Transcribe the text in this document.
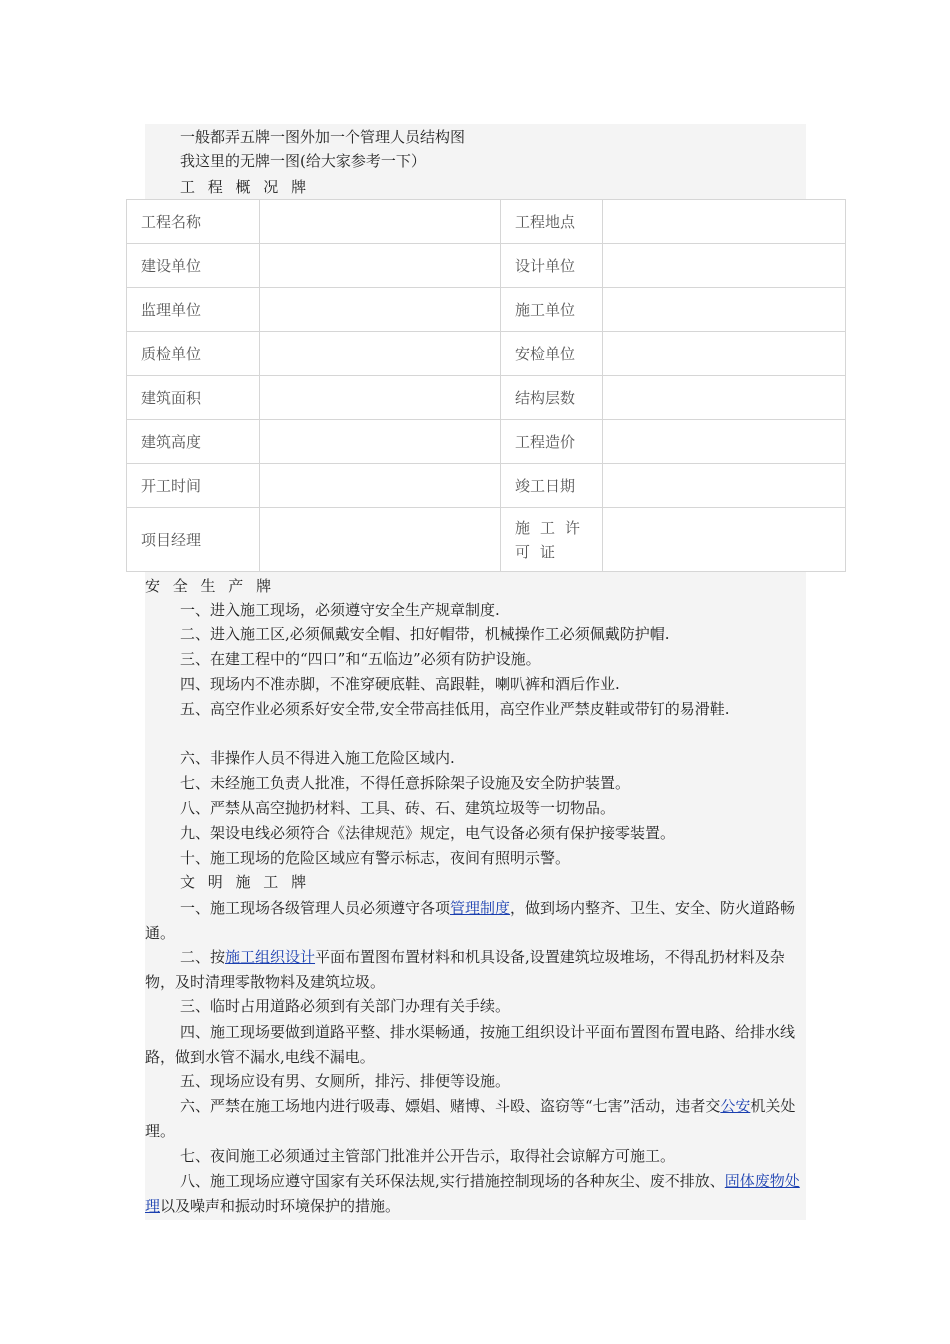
一般都弄五牌一图外加一个管理人员结构图
我这里的无牌一图(给大家参考一下）
工 程 概 况 牌
工程名称		工程地点	
建设单位		设计单位	
监理单位		施工单位	
质检单位		安检单位	
建筑面积		结构层数	
建筑高度		工程造价	
开工时间		竣工日期	
项目经理		施工许可证	

安 全 生 产 牌
一、进入施工现场，必须遵守安全生产规章制度.
二、进入施工区,必须佩戴安全帽、扣好帽带，机械操作工必须佩戴防护帽.
三、在建工程中的“四口”和“五临边”必须有防护设施。
四、现场内不准赤脚，不准穿硬底鞋、高跟鞋，喇叭裤和酒后作业.
五、高空作业必须系好安全带,安全带高挂低用，高空作业严禁皮鞋或带钉的易滑鞋.
六、非操作人员不得进入施工危险区域内.
七、未经施工负责人批准，不得任意拆除架子设施及安全防护装置。
八、严禁从高空抛扔材料、工具、砖、石、建筑垃圾等一切物品。
九、架设电线必须符合《法律规范》规定，电气设备必须有保护接零装置。
十、施工现场的危险区域应有警示标志，夜间有照明示警。
文 明 施 工 牌
一、施工现场各级管理人员必须遵守各项管理制度，做到场内整齐、卫生、安全、防火道路畅通。
二、按施工组织设计平面布置图布置材料和机具设备,设置建筑垃圾堆场，不得乱扔材料及杂物，及时清理零散物料及建筑垃圾。
三、临时占用道路必须到有关部门办理有关手续。
四、施工现场要做到道路平整、排水渠畅通，按施工组织设计平面布置图布置电路、给排水线路，做到水管不漏水,电线不漏电。
五、现场应设有男、女厕所，排污、排便等设施。
六、严禁在施工场地内进行吸毒、嫖娼、赌博、斗殴、盗窃等“七害”活动，违者交公安机关处理。
七、夜间施工必须通过主管部门批准并公开告示，取得社会谅解方可施工。
八、施工现场应遵守国家有关环保法规,实行措施控制现场的各种灰尘、废不排放、固体废物处理以及噪声和振动时环境保护的措施。
